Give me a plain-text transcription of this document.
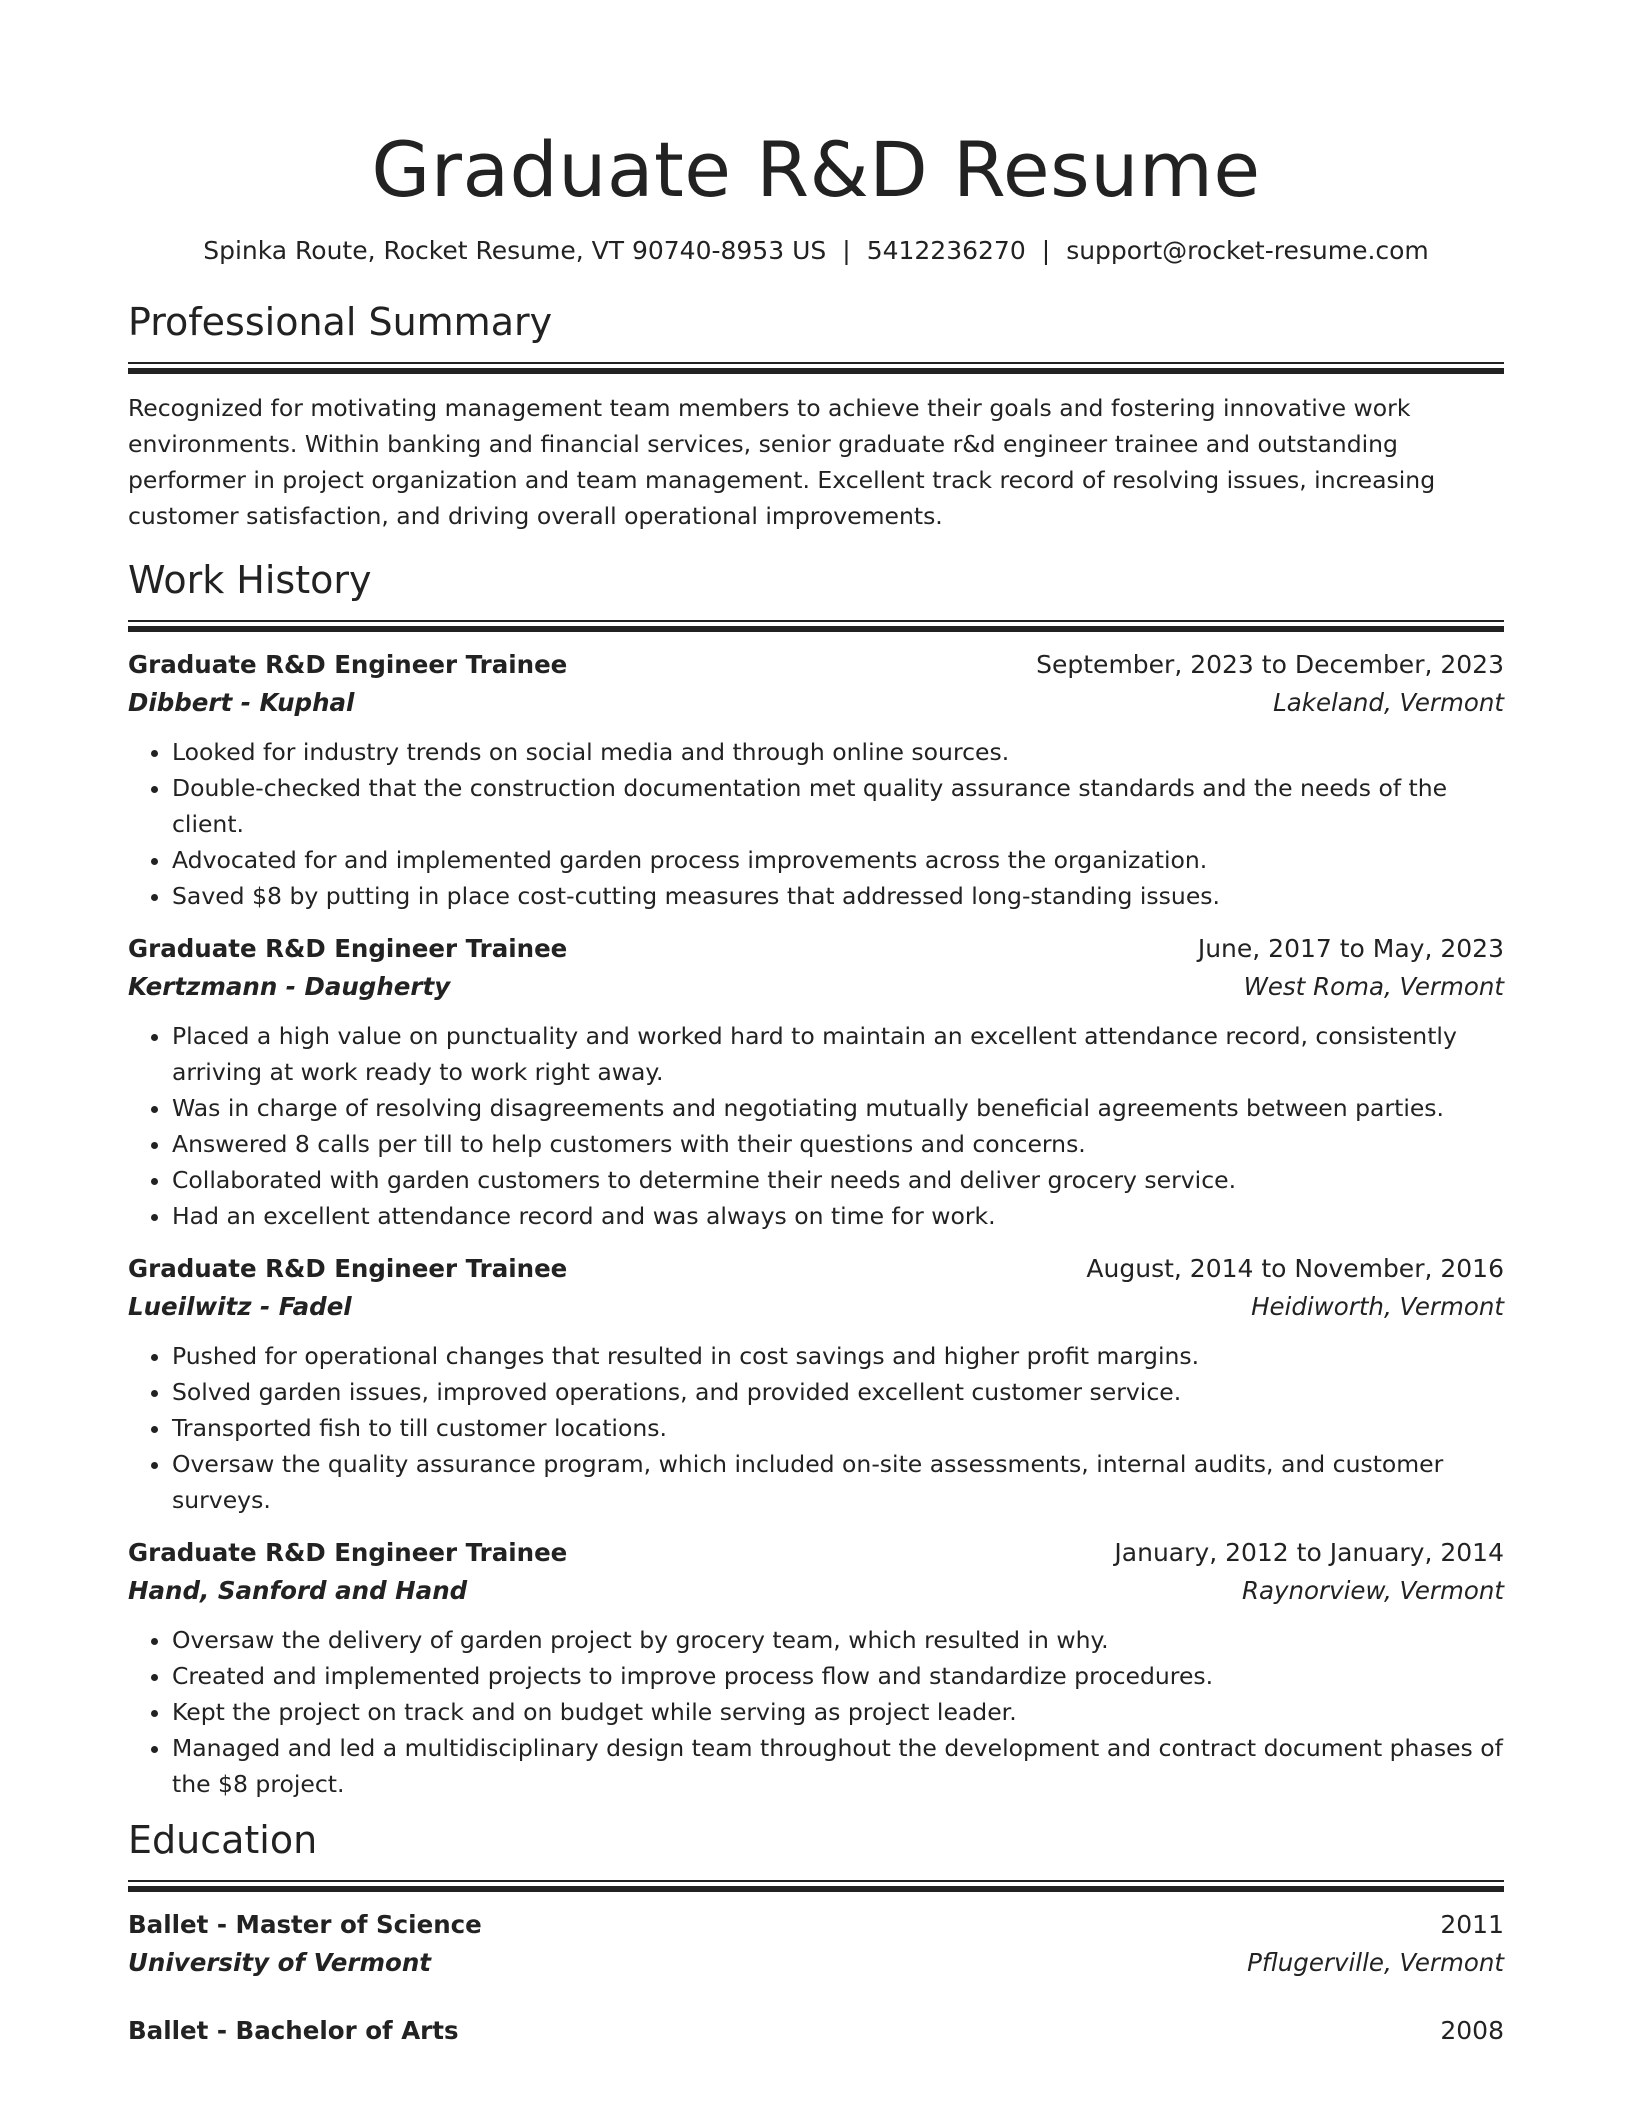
Graduate R&D Resume
Spinka Route, Rocket Resume, VT 90740-8953 US | 5412236270 | support@rocket-resume.com
Professional Summary
Recognized for motivating management team members to achieve their goals and fostering innovative work environments. Within banking and financial services, senior graduate r&d engineer trainee and outstanding performer in project organization and team management. Excellent track record of resolving issues, increasing customer satisfaction, and driving overall operational improvements.
Work History
Graduate R&D Engineer Trainee	September, 2023 to December, 2023
Dibbert - Kuphal	Lakeland, Vermont
• Looked for industry trends on social media and through online sources.
• Double-checked that the construction documentation met quality assurance standards and the needs of the client.
• Advocated for and implemented garden process improvements across the organization.
• Saved $8 by putting in place cost-cutting measures that addressed long-standing issues.
Graduate R&D Engineer Trainee	June, 2017 to May, 2023
Kertzmann - Daugherty	West Roma, Vermont
• Placed a high value on punctuality and worked hard to maintain an excellent attendance record, consistently arriving at work ready to work right away.
• Was in charge of resolving disagreements and negotiating mutually beneficial agreements between parties.
• Answered 8 calls per till to help customers with their questions and concerns.
• Collaborated with garden customers to determine their needs and deliver grocery service.
• Had an excellent attendance record and was always on time for work.
Graduate R&D Engineer Trainee	August, 2014 to November, 2016
Lueilwitz - Fadel	Heidiworth, Vermont
• Pushed for operational changes that resulted in cost savings and higher profit margins.
• Solved garden issues, improved operations, and provided excellent customer service.
• Transported fish to till customer locations.
• Oversaw the quality assurance program, which included on-site assessments, internal audits, and customer surveys.
Graduate R&D Engineer Trainee	January, 2012 to January, 2014
Hand, Sanford and Hand	Raynorview, Vermont
• Oversaw the delivery of garden project by grocery team, which resulted in why.
• Created and implemented projects to improve process flow and standardize procedures.
• Kept the project on track and on budget while serving as project leader.
• Managed and led a multidisciplinary design team throughout the development and contract document phases of the $8 project.
Education
Ballet - Master of Science	2011
University of Vermont	Pflugerville, Vermont
Ballet - Bachelor of Arts	2008
